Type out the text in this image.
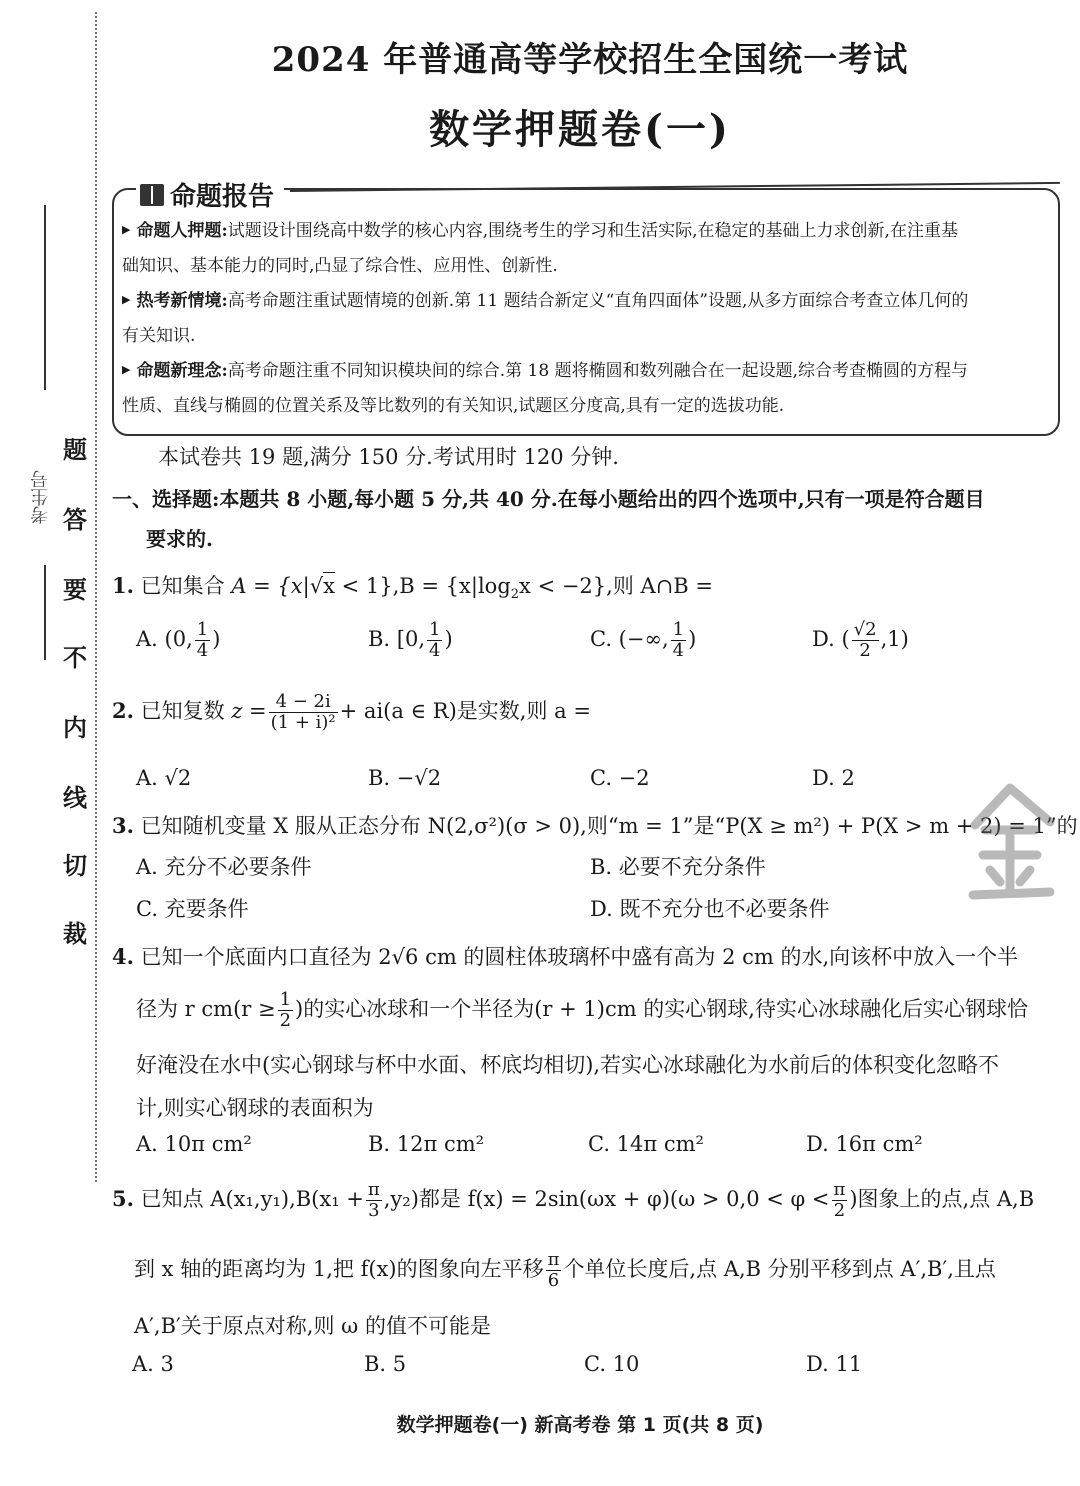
考生号
题
答
要
不
内
线
切
裁
2024 年普通高等学校招生全国统一考试
数学押题卷(一)
命题报告
▶ 命题人押题:试题设计围绕高中数学的核心内容,围绕考生的学习和生活实际,在稳定的基础上力求创新,在注重基
础知识、基本能力的同时,凸显了综合性、应用性、创新性.
▶ 热考新情境:高考命题注重试题情境的创新.第 11 题结合新定义“直角四面体”设题,从多方面综合考查立体几何的
有关知识.
▶ 命题新理念:高考命题注重不同知识模块间的综合.第 18 题将椭圆和数列融合在一起设题,综合考查椭圆的方程与
性质、直线与椭圆的位置关系及等比数列的有关知识,试题区分度高,具有一定的选拔功能.
本试卷共 19 题,满分 150 分.考试用时 120 分钟.
一、选择题:本题共 8 小题,每小题 5 分,共 40 分.在每小题给出的四个选项中,只有一项是符合题目
要求的.
1. 已知集合 $A = \{x|√x < 1\},B = \{x|\log_2x < -2\}$,则 A∩B =
A. (0, $\frac{1}{4}$ )	B. [0, $\frac{1}{4}$ )	C. (−∞, $\frac{1}{4}$ )	D. ( $\frac{√2}{2} ,1$)
2. 已知复数 $z = \frac{4 - 2i}{\text{(1 + i)²}} + ai(a$ ∈ R)是实数,则 a =
A. √2	B. −√2	C. −2	D. 2
3. 已知随机变量 X 服从正态分布 N(2,σ²)(σ > 0),则“m = 1”是“P(X ≥ m²) + P(X > m + 2) = 1”的
A. 充分不必要条件	B. 必要不充分条件
C. 充要条件	D. 既不充分也不必要条件
4. 已知一个底面内口直径为 2√6 cm 的圆柱体玻璃杯中盛有高为 2 cm 的水,向该杯中放入一个半
径为 r $cm(r \ge \frac{1}{2}$ )的实心冰球和一个半径为(r + 1)cm 的实心钢球,待实心冰球融化后实心钢球恰
好淹没在水中(实心钢球与杯中水面、杯底均相切),若实心冰球融化为水前后的体积变化忽略不
计,则实心钢球的表面积为
A. 10π cm²	B. 12π cm²	C. 14π cm²	D. 16π cm²
5. 已知点 $A(x_1,y_1),B(x_1 + \frac{\pi}{3} ,y_2)$都是 $f(x) = 2\sin(\omega x + \varphi)(\omega > 0,0 < \varphi < \frac{\pi}{2}$ )图象上的点,点 A,B
到 x 轴的距离均为 1,把 f(x)的图象向左平移 $\frac{\pi}{6}$ 个单位长度后,点 A,B 分别平移到点 A′,B′,且点
A′,B′关于原点对称,则 ω 的值不可能是
A. 3	B. 5	C. 10	D. 11
数学押题卷(一) 新高考卷 第 1 页(共 8 页)
